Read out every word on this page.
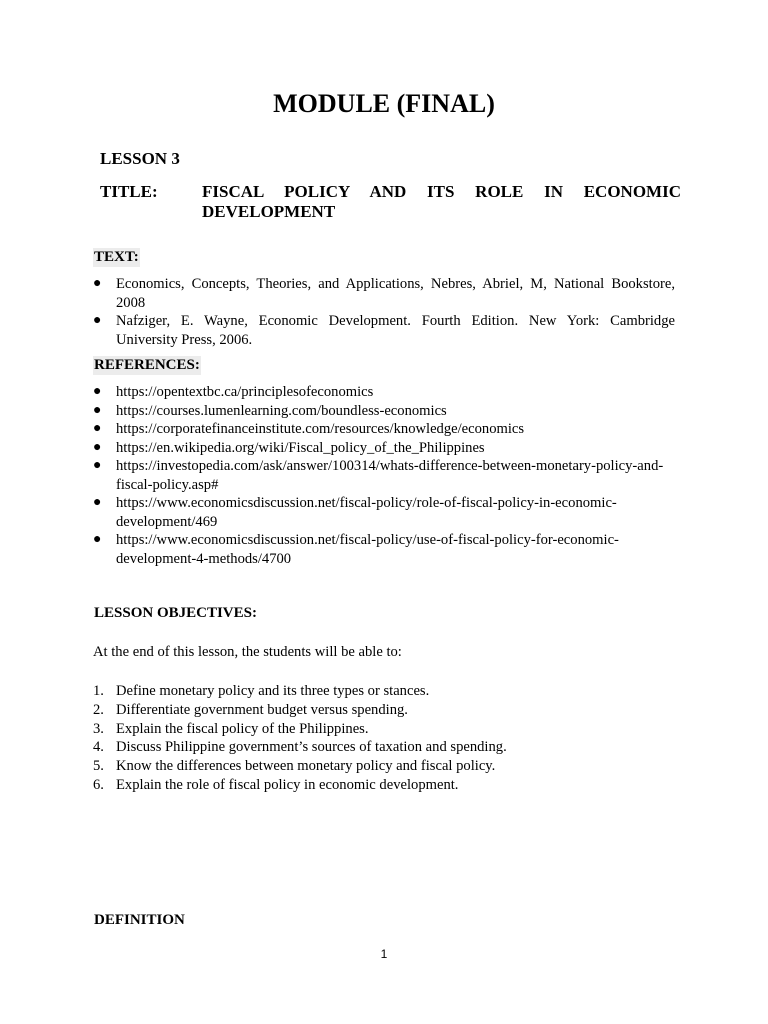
MODULE (FINAL)
LESSON 3
TITLE:	FISCAL POLICY AND ITS ROLE IN ECONOMIC
DEVELOPMENT
TEXT:
● Economics, Concepts, Theories, and Applications, Nebres, Abriel, M, National Bookstore, 2008
● Nafziger, E. Wayne, Economic Development. Fourth Edition. New York: Cambridge University Press, 2006.
REFERENCES:
● https://opentextbc.ca/principlesofeconomics
● https://courses.lumenlearning.com/boundless-economics
● https://corporatefinanceinstitute.com/resources/knowledge/economics
● https://en.wikipedia.org/wiki/Fiscal_policy_of_the_Philippines
● https://investopedia.com/ask/answer/100314/whats-difference-between-monetary-policy-and-fiscal-policy.asp#
● https://www.economicsdiscussion.net/fiscal-policy/role-of-fiscal-policy-in-economic-development/469
● https://www.economicsdiscussion.net/fiscal-policy/use-of-fiscal-policy-for-economic-development-4-methods/4700
LESSON OBJECTIVES:
At the end of this lesson, the students will be able to:
1. Define monetary policy and its three types or stances.
2. Differentiate government budget versus spending.
3. Explain the fiscal policy of the Philippines.
4. Discuss Philippine government’s sources of taxation and spending.
5. Know the differences between monetary policy and fiscal policy.
6. Explain the role of fiscal policy in economic development.
DEFINITION
1
